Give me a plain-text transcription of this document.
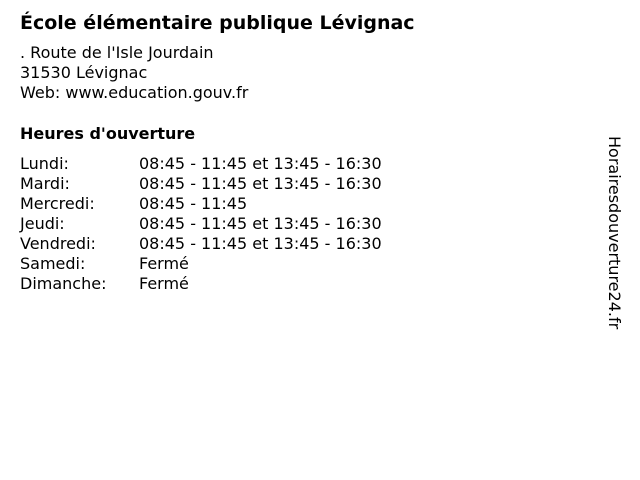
École élémentaire publique Lévignac
. Route de l'Isle Jourdain
31530 Lévignac
Web: www.education.gouv.fr
Heures d'ouverture
Lundi:	08:45 - 11:45 et 13:45 - 16:30
Mardi:	08:45 - 11:45 et 13:45 - 16:30
Mercredi:	08:45 - 11:45
Jeudi:	08:45 - 11:45 et 13:45 - 16:30
Vendredi:	08:45 - 11:45 et 13:45 - 16:30
Samedi:	Fermé
Dimanche:	Fermé	Horairesdouverture24.fr
